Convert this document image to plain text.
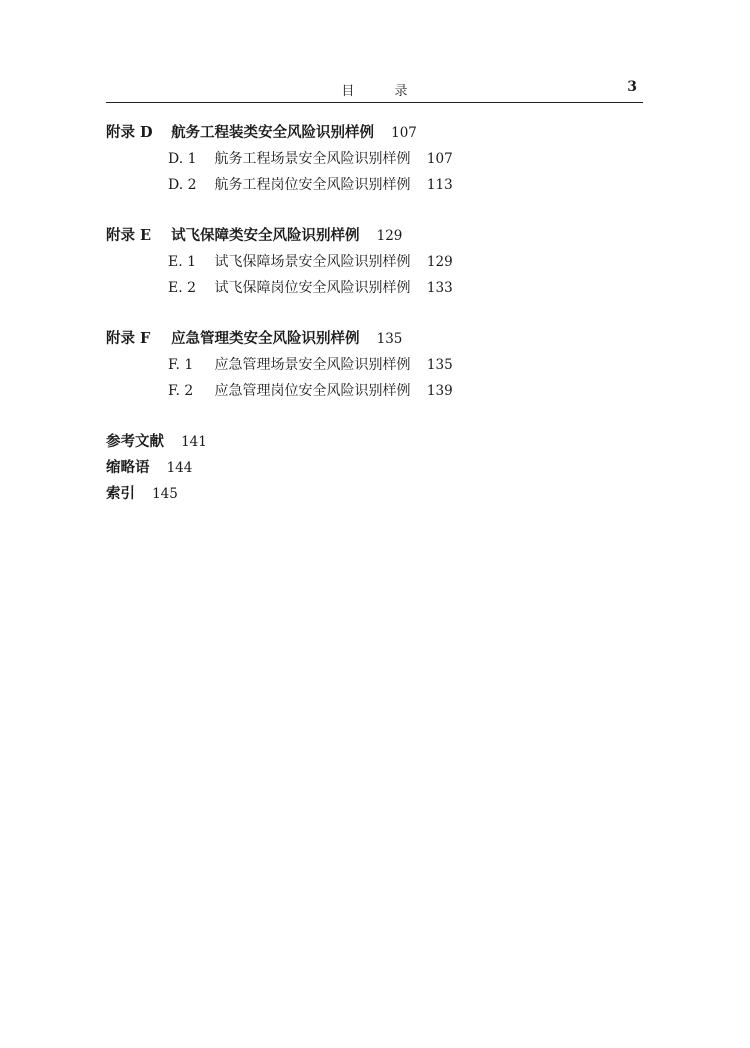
目 录	3
附录 D 航务工程装类安全风险识别样例 107
D. 1 航务工程场景安全风险识别样例 107
D. 2 航务工程岗位安全风险识别样例 113
附录 E 试飞保障类安全风险识别样例 129
E. 1 试飞保障场景安全风险识别样例 129
E. 2 试飞保障岗位安全风险识别样例 133
附录 F 应急管理类安全风险识别样例 135
F. 1 应急管理场景安全风险识别样例 135
F. 2 应急管理岗位安全风险识别样例 139
参考文献 141
缩略语 144
索引 145
